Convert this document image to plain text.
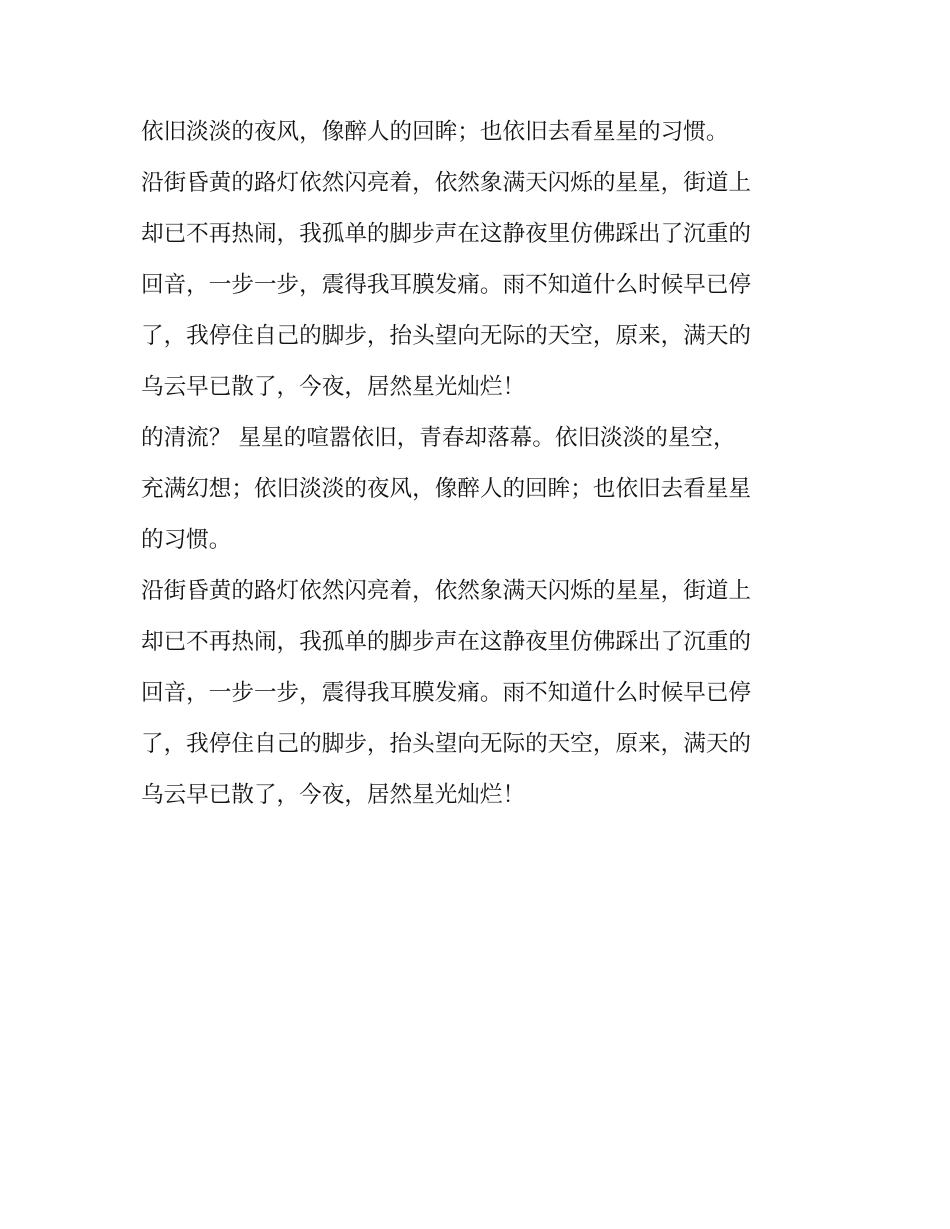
依旧淡淡的夜风，像醉人的回眸；也依旧去看星星的习惯。
沿街昏黄的路灯依然闪亮着，依然象满天闪烁的星星，街道上
却已不再热闹，我孤单的脚步声在这静夜里仿佛踩出了沉重的
回音，一步一步，震得我耳膜发痛。雨不知道什么时候早已停
了，我停住自己的脚步，抬头望向无际的天空，原来，满天的
乌云早已散了，今夜，居然星光灿烂！
的清流？ 星星的喧嚣依旧，青春却落幕。依旧淡淡的星空，
充满幻想；依旧淡淡的夜风，像醉人的回眸；也依旧去看星星
的习惯。
沿街昏黄的路灯依然闪亮着，依然象满天闪烁的星星，街道上
却已不再热闹，我孤单的脚步声在这静夜里仿佛踩出了沉重的
回音，一步一步，震得我耳膜发痛。雨不知道什么时候早已停
了，我停住自己的脚步，抬头望向无际的天空，原来，满天的
乌云早已散了，今夜，居然星光灿烂！
